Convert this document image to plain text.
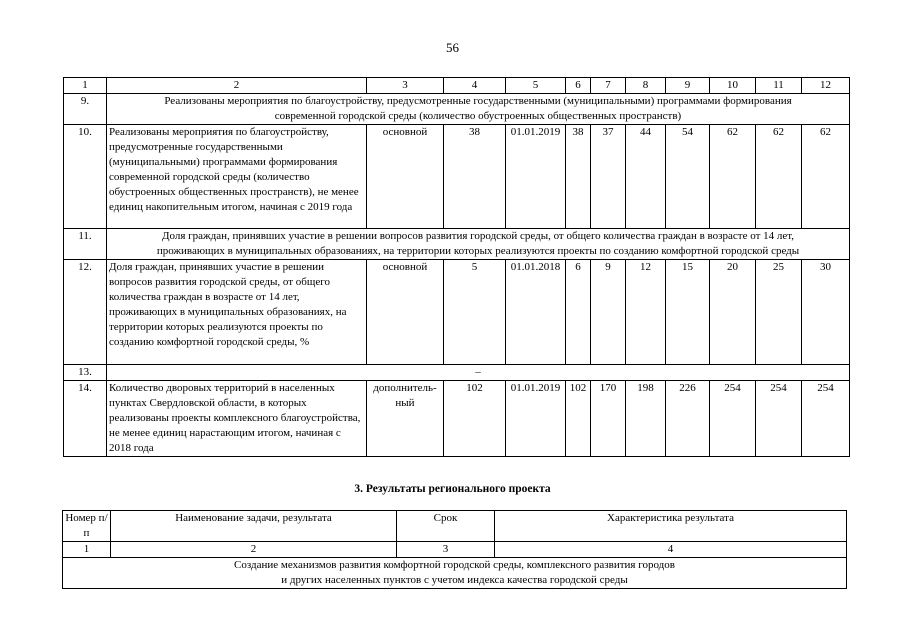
56
1	2	3	4	5	6	7	8	9	10	11	12
9.	Реализованы мероприятия по благоустройству, предусмотренные государственными (муниципальными) программами формирования
современной городской среды (количество обустроенных общественных пространств)										

10.	Реализованы мероприятия по благоустройству, предусмотренные государственными (муниципальными) программами формирования современной городской среды (количество обустроенных общественных пространств), не менее единиц накопительным итогом, начиная с 2019 года	основной	38	01.01.2019	38	37	44	54	62	62	62
11.	Доля граждан, принявших участие в решении вопросов развития городской среды, от общего количества граждан в возрасте от 14 лет, проживающих в муниципальных образованиях, на территории которых реализуются проекты по созданию комфортной городской среды										
12.	Доля граждан, принявших участие в решении вопросов развития городской среды, от общего количества граждан в возрасте от 14 лет, проживающих в муниципальных образованиях, на территории которых реализуются проекты по созданию комфортной городской среды, %	основной	5	01.01.2018	6	9	12	15	20	25	30
13.	–										
14.	Количество дворовых территорий в населенных пунктах Свердловской области, в которых реализованы проекты комплексного благоустройства, не менее единиц нарастающим итогом, начиная с 2018 года	дополнитель-ный	102	01.01.2019	102	170	198	226	254	254	254
3. Результаты регионального проекта
Номер п/п	Наименование задачи, результата	Срок	Характеристика результата
1	2	3	4

Создание механизмов развития комфортной городской среды, комплексного развития городов
и других населенных пунктов с учетом индекса качества городской среды			
